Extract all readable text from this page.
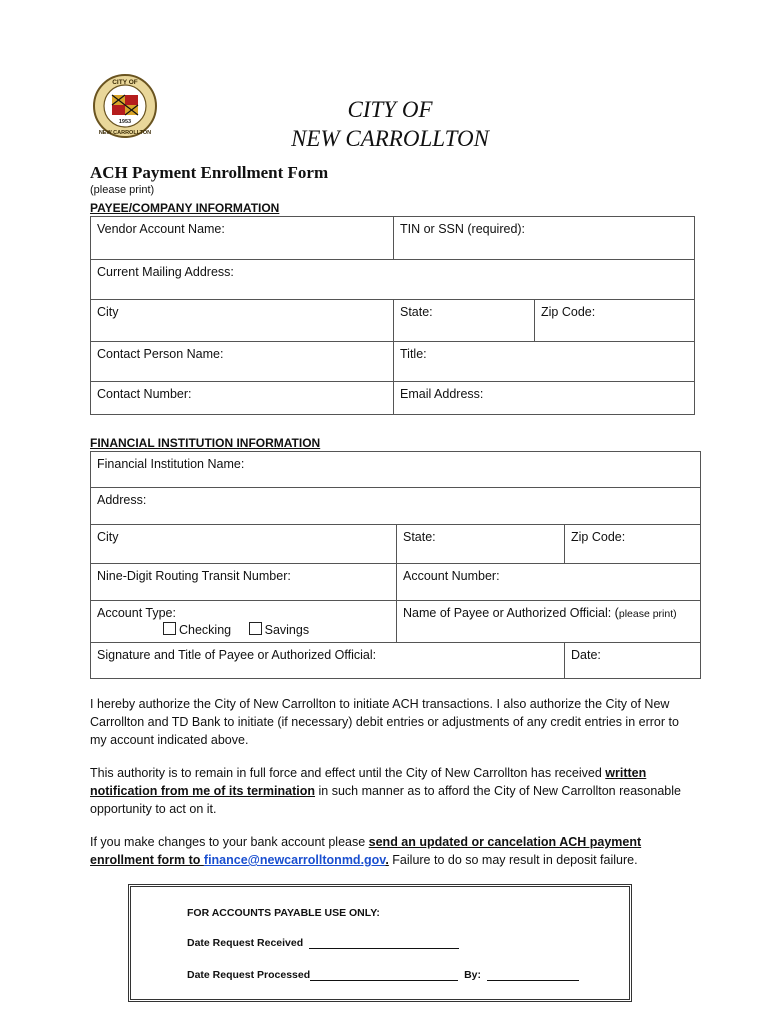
1953
CITY OF
NEW CARROLLTON
CITY OF
NEW CARROLLTON
ACH Payment Enrollment Form
(please print)
PAYEE/COMPANY INFORMATION
Vendor Account Name:	TIN or SSN (required):	
Current Mailing Address:		
City	State:	Zip Code:
Contact Person Name:	Title:	
Contact Number:	Email Address:	
FINANCIAL INSTITUTION INFORMATION
Financial Institution Name:		
Address:		
City	State:	Zip Code:
Nine-Digit Routing Transit Number:	Account Number:	

Account Type:
Checking Savings	Name of Payee or Authorized Official: (please print)	
Signature and Title of Payee or Authorized Official:		Date:
I hereby authorize the City of New Carrollton to initiate ACH transactions. I also authorize the City of New Carrollton and TD Bank to initiate (if necessary) debit entries or adjustments of any credit entries in error to my account indicated above.
This authority is to remain in full force and effect until the City of New Carrollton has received written notification from me of its termination in such manner as to afford the City of New Carrollton reasonable opportunity to act on it.
If you make changes to your bank account please send an updated or cancelation ACH payment enrollment form to finance@newcarrolltonmd.gov. Failure to do so may result in deposit failure.
FOR ACCOUNTS PAYABLE USE ONLY:
Date Request Received
Date Request Processed	By:
